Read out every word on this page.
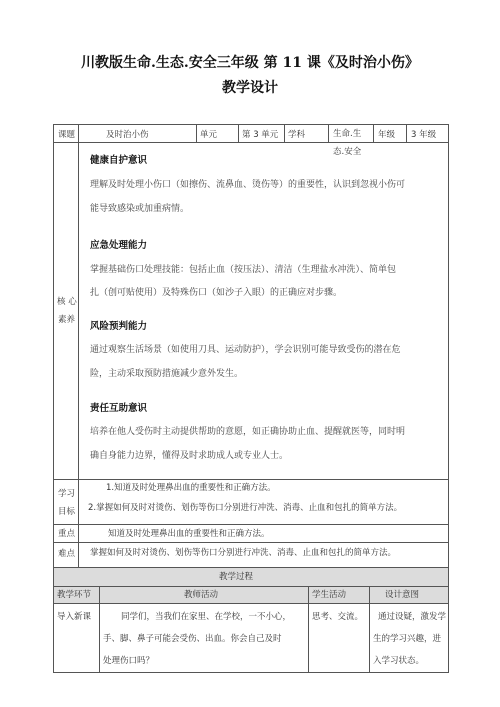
川教版生命.生态.安全三年级 第 11 课《及时治小伤》
教学设计
课题	及时治小伤	单元	第 3 单元 学科	生命.生
态.安全
年级 3 年级
核 心
素养
健康自护意识
理解及时处理小伤口（如擦伤、流鼻血、烫伤等）的重要性，认识到忽视小伤可
能导致感染或加重病情。
应急处理能力
掌握基础伤口处理技能：包括止血（按压法）、清洁（生理盐水冲洗）、简单包
扎（创可贴使用）及特殊伤口（如沙子入眼）的正确应对步骤。
风险预判能力
通过观察生活场景（如使用刀具、运动防护），学会识别可能导致受伤的潜在危
险，主动采取预防措施减少意外发生。
责任互助意识
培养在他人受伤时主动提供帮助的意愿，如正确协助止血、提醒就医等，同时明
确自身能力边界，懂得及时求助成人或专业人士。
学习
目标
1.知道及时处理鼻出血的重要性和正确方法。
2.掌握如何及时对烫伤、划伤等伤口分别进行冲洗、消毒、止血和包扎的简单方法。
重点	知道及时处理鼻出血的重要性和正确方法。
难点 掌握如何及时对烫伤、划伤等伤口分别进行冲洗、消毒、止血和包扎的简单方法。
教学过程
教学环节	教师活动	学生活动	设计意图
导入新课	同学们，当我们在家里、在学校，一不小心，
手、脚、鼻子可能会受伤、出血。你会自己及时
处理伤口吗？
思考、交流。 通过设疑，激发学
生的学习兴趣，进
入学习状态。
